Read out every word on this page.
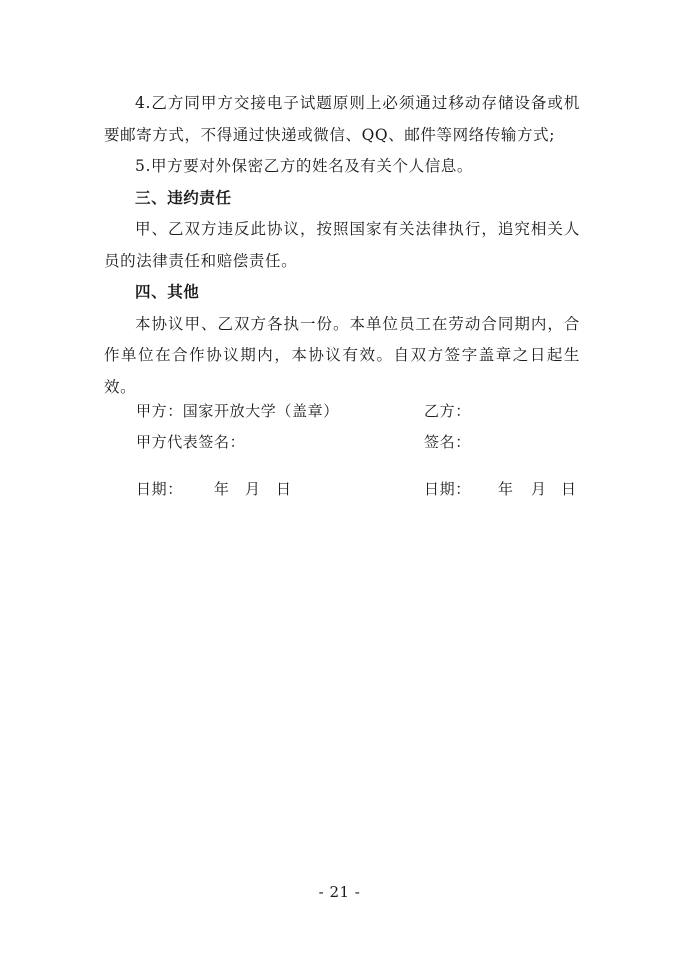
4.乙方同甲方交接电子试题原则上必须通过移动存储设备或机要邮寄方式，不得通过快递或微信、QQ、邮件等网络传输方式;

5.甲方要对外保密乙方的姓名及有关个人信息。

三、违约责任

甲、乙双方违反此协议，按照国家有关法律执行，追究相关人员的法律责任和赔偿责任。

四、其他

本协议甲、乙双方各执一份。本单位员工在劳动合同期内，合作单位在合作协议期内，本协议有效。自双方签字盖章之日起生效。

甲方：国家开放大学（盖章）	乙方：
甲方代表签名：	签名：
日期： 年 月 日	日期： 年 月 日
- 21 -
